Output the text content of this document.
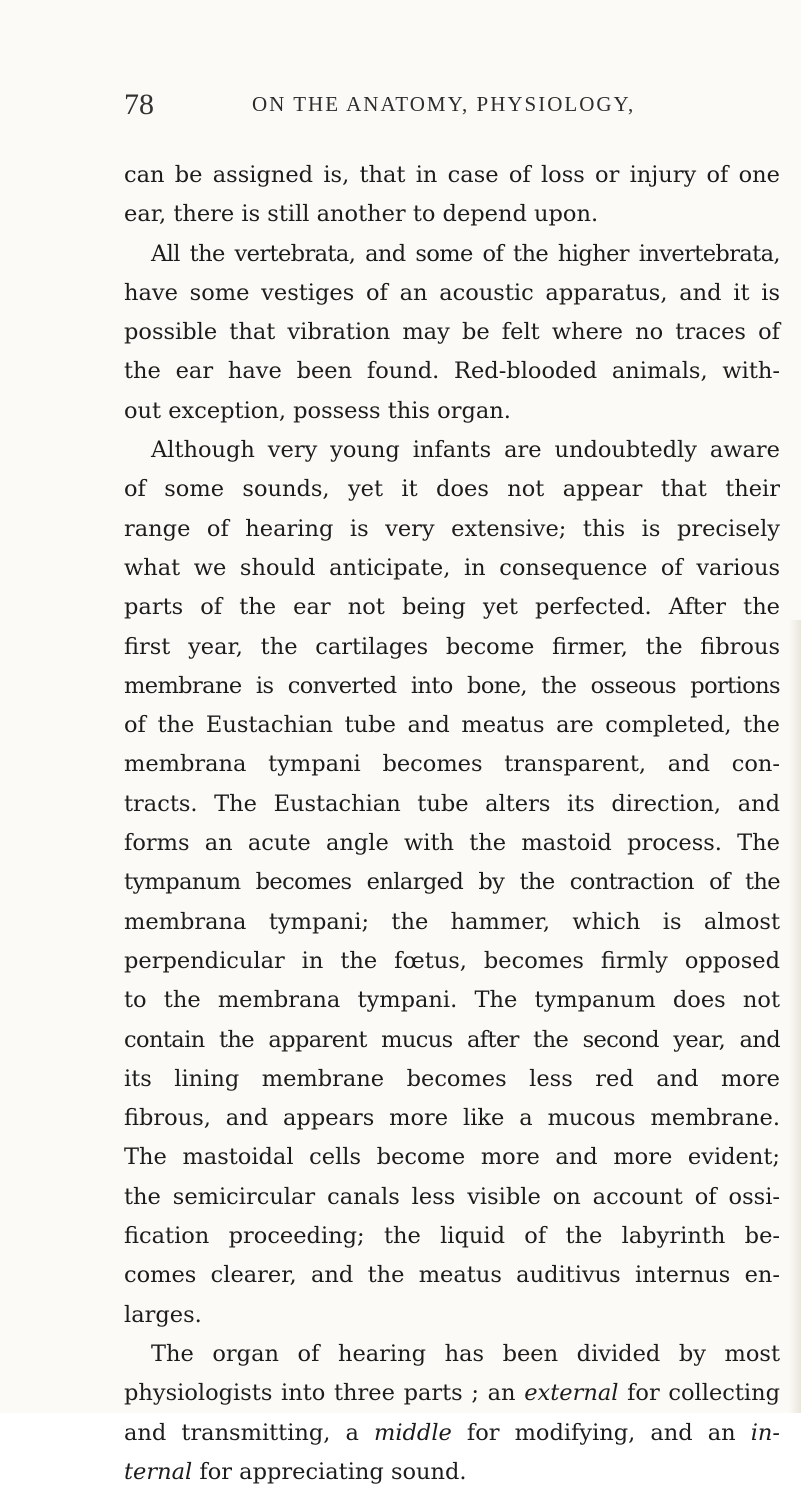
78	ON THE ANATOMY, PHYSIOLOGY,
can be assigned is, that in case of loss or injury of one
ear, there is still another to depend upon.
All the vertebrata, and some of the higher invertebrata,
have some vestiges of an acoustic apparatus, and it is
possible that vibration may be felt where no traces of
the ear have been found. Red-blooded animals, with-
out exception, possess this organ.
Although very young infants are undoubtedly aware
of some sounds, yet it does not appear that their
range of hearing is very extensive; this is precisely
what we should anticipate, in consequence of various
parts of the ear not being yet perfected. After the
first year, the cartilages become firmer, the fibrous
membrane is converted into bone, the osseous portions
of the Eustachian tube and meatus are completed, the
membrana tympani becomes transparent, and con-
tracts. The Eustachian tube alters its direction, and
forms an acute angle with the mastoid process. The
tympanum becomes enlarged by the contraction of the
membrana tympani; the hammer, which is almost
perpendicular in the fœtus, becomes firmly opposed
to the membrana tympani. The tympanum does not
contain the apparent mucus after the second year, and
its lining membrane becomes less red and more
fibrous, and appears more like a mucous membrane.
The mastoidal cells become more and more evident;
the semicircular canals less visible on account of ossi-
fication proceeding; the liquid of the labyrinth be-
comes clearer, and the meatus auditivus internus en-
larges.
The organ of hearing has been divided by most
physiologists into three parts ; an external for collecting
and transmitting, a middle for modifying, and an in-
ternal for appreciating sound.
